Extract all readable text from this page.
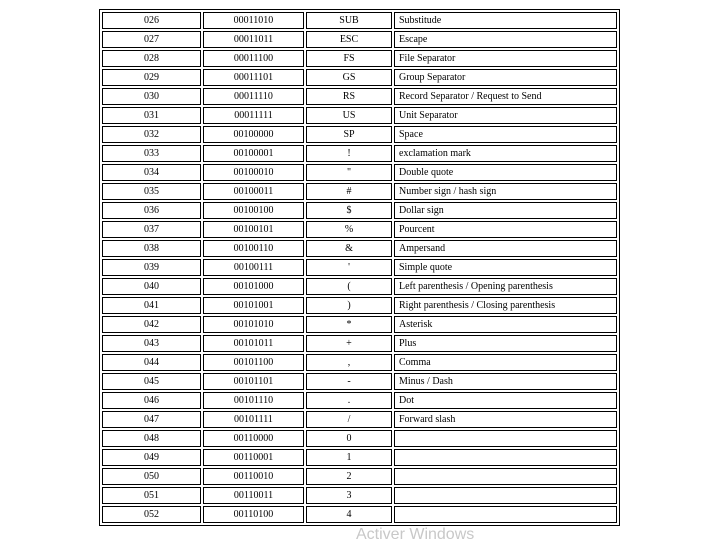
026	00011010	SUB	Substitude
027	00011011	ESC	Escape
028	00011100	FS	File Separator
029	00011101	GS	Group Separator
030	00011110	RS	Record Separator / Request to Send
031	00011111	US	Unit Separator
032	00100000	SP	Space
033	00100001	!	exclamation mark
034	00100010	"	Double quote
035	00100011	#	Number sign / hash sign
036	00100100	$	Dollar sign
037	00100101	%	Pourcent
038	00100110	&	Ampersand
039	00100111	'	Simple quote
040	00101000	(	Left parenthesis / Opening parenthesis
041	00101001	)	Right parenthesis / Closing parenthesis
042	00101010	*	Asterisk
043	00101011	+	Plus
044	00101100	,	Comma
045	00101101	-	Minus / Dash
046	00101110	.	Dot
047	00101111	/	Forward slash
048	00110000	0	
049	00110001	1	
050	00110010	2	
051	00110011	3	
052	00110100	4	
Activer Windows
